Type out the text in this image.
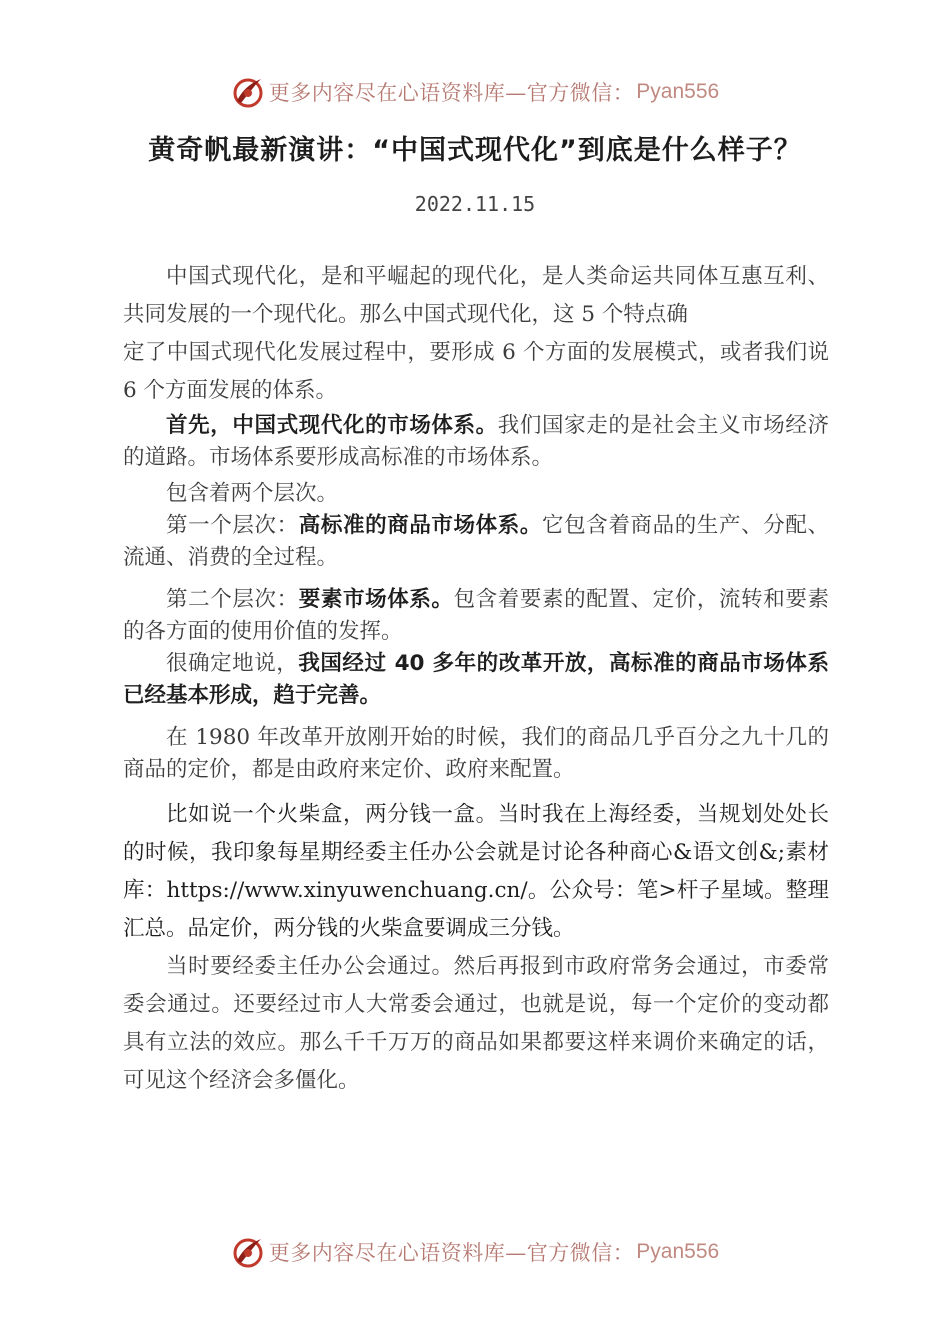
更多内容尽在心语资料库—官方微信： Pyan556
黄奇帆最新演讲：“中国式现代化”到底是什么样子？
2022.11.15

中国式现代化，是和平崛起的现代化，是人类命运共同体互惠互利、共同发展的一个现代化。那么中国式现代化，这 5 个特点确

定了中国式现代化发展过程中，要形成 6 个方面的发展模式，或者我们说 6 个方面发展的体系。

首先，中国式现代化的市场体系。我们国家走的是社会主义市场经济的道路。市场体系要形成高标准的市场体系。

包含着两个层次。

第一个层次：高标准的商品市场体系。它包含着商品的生产、分配、流通、消费的全过程。

第二个层次：要素市场体系。包含着要素的配置、定价，流转和要素的各方面的使用价值的发挥。

很确定地说，我国经过 40 多年的改革开放，高标准的商品市场体系已经基本形成，趋于完善。

在 1980 年改革开放刚开始的时候，我们的商品几乎百分之九十几的商品的定价，都是由政府来定价、政府来配置。

比如说一个火柴盒，两分钱一盒。当时我在上海经委，当规划处处长的时候，我印象每星期经委主任办公会就是讨论各种商心&语文创&;素材库：https://www.xinyuwenchuang.cn/。公众号：笔>杆子星域。整理汇总。品定价，两分钱的火柴盒要调成三分钱。

当时要经委主任办公会通过。然后再报到市政府常务会通过，市委常委会通过。还要经过市人大常委会通过，也就是说，每一个定价的变动都具有立法的效应。那么千千万万的商品如果都要这样来调价来确定的话，可见这个经济会多僵化。

更多内容尽在心语资料库—官方微信： Pyan556
